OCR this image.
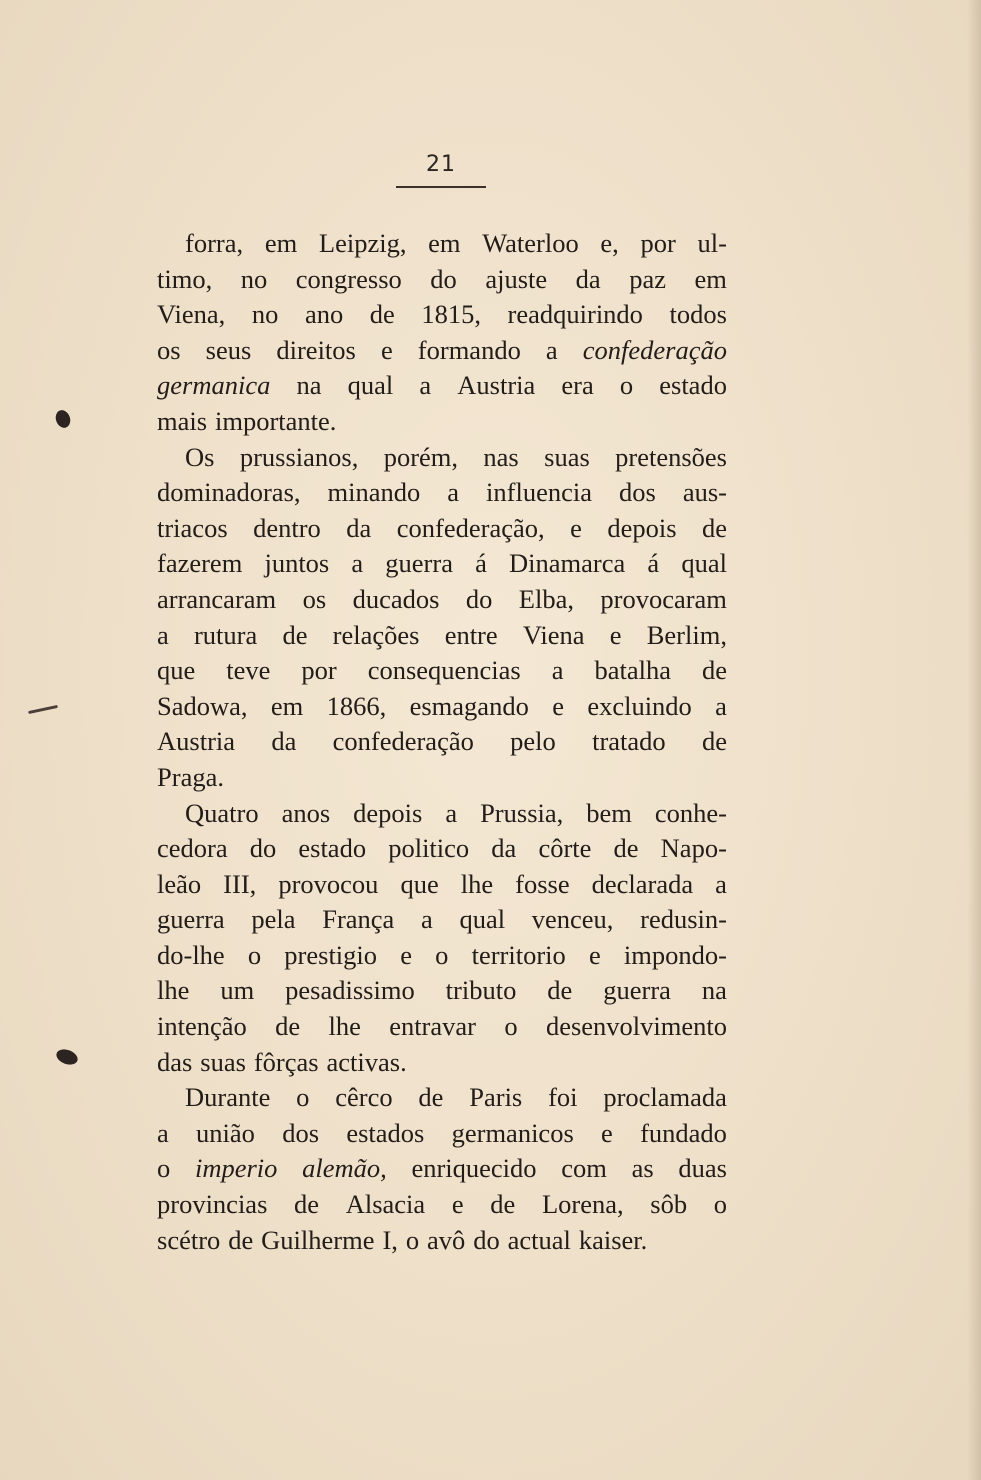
21
forra, em Leipzig, em Waterloo e, por ul-
timo, no congresso do ajuste da paz em
Viena, no ano de 1815, readquirindo todos
os seus direitos e formando a confederação
germanica na qual a Austria era o estado
mais importante.
Os prussianos, porém, nas suas pretensões
dominadoras, minando a influencia dos aus-
triacos dentro da confederação, e depois de
fazerem juntos a guerra á Dinamarca á qual
arrancaram os ducados do Elba, provocaram
a rutura de relações entre Viena e Berlim,
que teve por consequencias a batalha de
Sadowa, em 1866, esmagando e excluindo a
Austria da confederação pelo tratado de
Praga.
Quatro anos depois a Prussia, bem conhe-
cedora do estado politico da côrte de Napo-
leão III, provocou que lhe fosse declarada a
guerra pela França a qual venceu, redusin-
do-lhe o prestigio e o territorio e impondo-
lhe um pesadissimo tributo de guerra na
intenção de lhe entravar o desenvolvimento
das suas fôrças activas.
Durante o cêrco de Paris foi proclamada
a união dos estados germanicos e fundado
o imperio alemão, enriquecido com as duas
provincias de Alsacia e de Lorena, sôb o
scétro de Guilherme I, o avô do actual kaiser.
